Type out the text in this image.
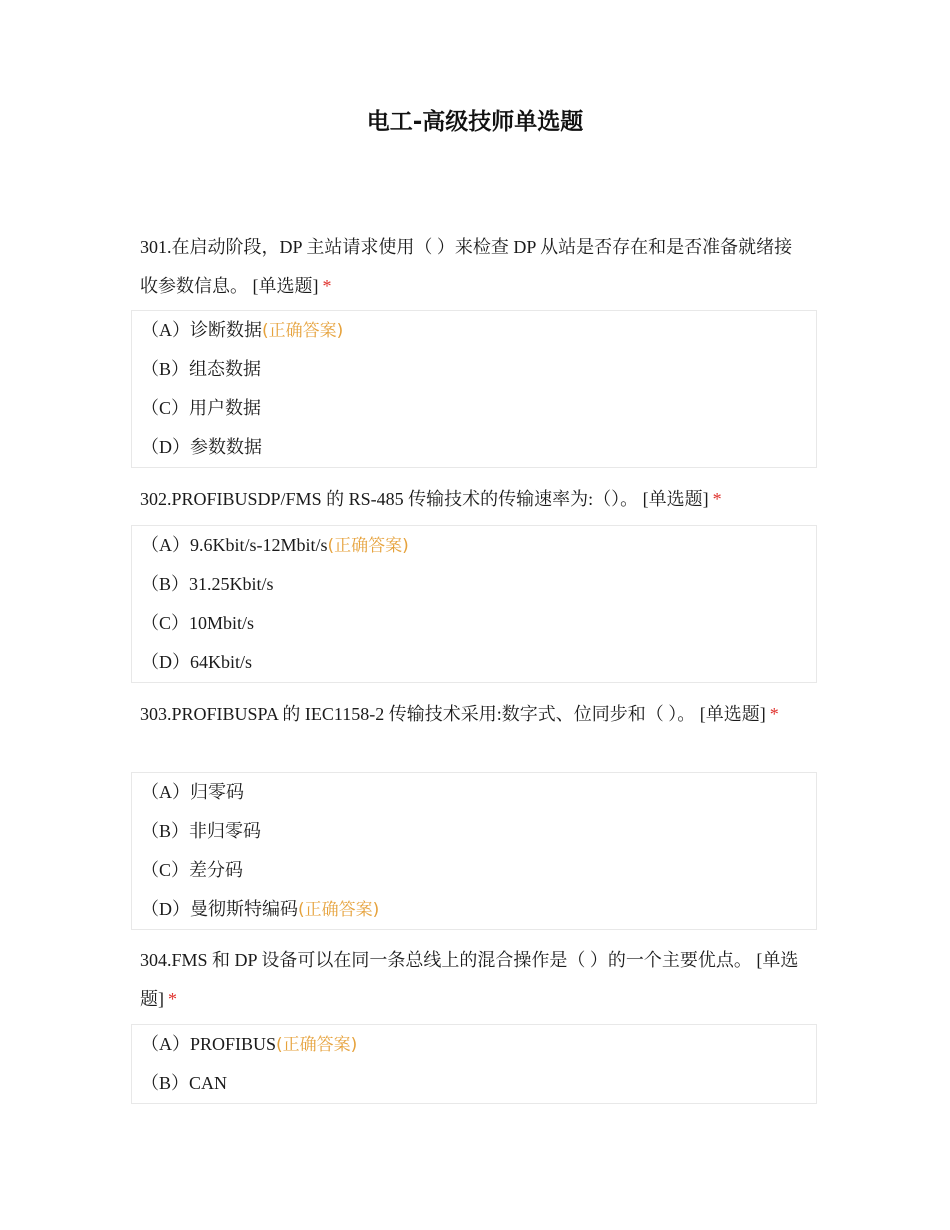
电工-高级技师单选题
301.在启动阶段，DP 主站请求使用（ ）来检查 DP 从站是否存在和是否准备就绪接收参数信息。 [单选题] *
（A）诊断数据(正确答案)
（B）组态数据
（C）用户数据
（D）参数数据
302.PROFIBUSDP/FMS 的 RS-485 传输技术的传输速率为:（）。 [单选题] *
（A）9.6Kbit/s-12Mbit/s(正确答案)
（B）31.25Kbit/s
（C）10Mbit/s
（D）64Kbit/s
303.PROFIBUSPA 的 IEC1158-2 传输技术采用:数字式、位同步和（ ）。 [单选题] *
（A）归零码
（B）非归零码
（C）差分码
（D）曼彻斯特编码(正确答案)
304.FMS 和 DP 设备可以在同一条总线上的混合操作是（ ）的一个主要优点。 [单选题] *
（A）PROFIBUS(正确答案)
（B）CAN
